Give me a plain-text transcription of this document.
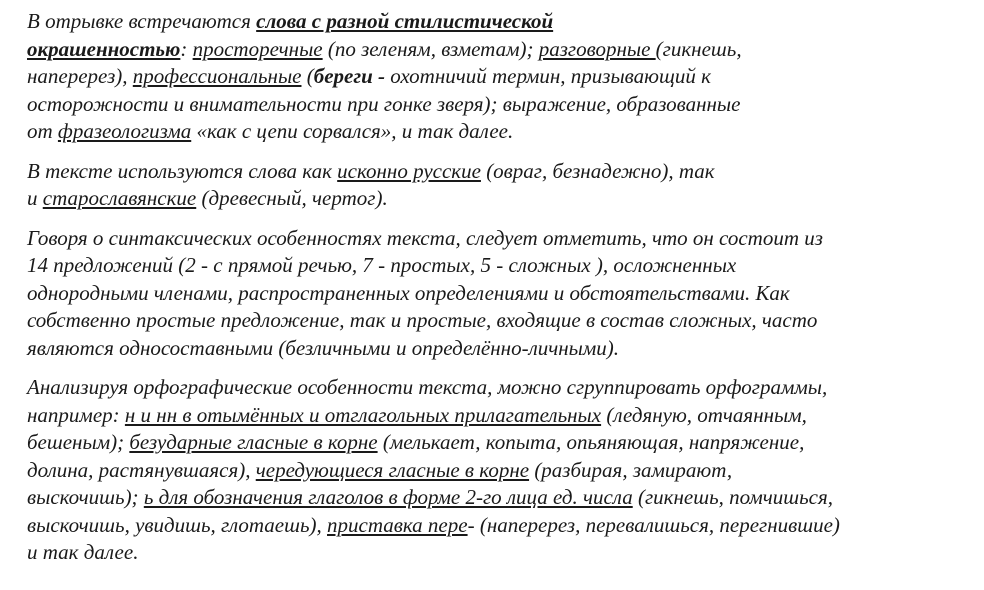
В отрывке встречаются слова с разной стилистической
окрашенностью: просторечные (по зеленям, взметам); разговорные (гикнешь,
наперерез), профессиональные (береги - охотничий термин, призывающий к
осторожности и внимательности при гонке зверя); выражение, образованные
от фразеологизма «как с цепи сорвался», и так далее.

В тексте используются слова как исконно русские (овраг, безнадежно), так
и старославянские (древесный, чертог).

Говоря о синтаксических особенностях текста, следует отметить, что он состоит из
14 предложений (2 - с прямой речью, 7 - простых, 5 - сложных ), осложненных
однородными членами, распространенных определениями и обстоятельствами. Как
собственно простые предложение, так и простые, входящие в состав сложных, часто
являются односоставными (безличными и определённо-личными).

Анализируя орфографические особенности текста, можно сгруппировать орфограммы,
например: н и нн в отымённых и отглагольных прилагательных (ледяную, отчаянным,
бешеным); безударные гласные в корне (мелькает, копыта, опьяняющая, напряжение,
долина, растянувшаяся), чередующиеся гласные в корне (разбирая, замирают,
выскочишь); ь для обозначения глаголов в форме 2-го лица ед. числа (гикнешь, помчишься,
выскочишь, увидишь, глотаешь), приставка пере- (наперерез, перевалишься, перегнившие)
и так далее.
